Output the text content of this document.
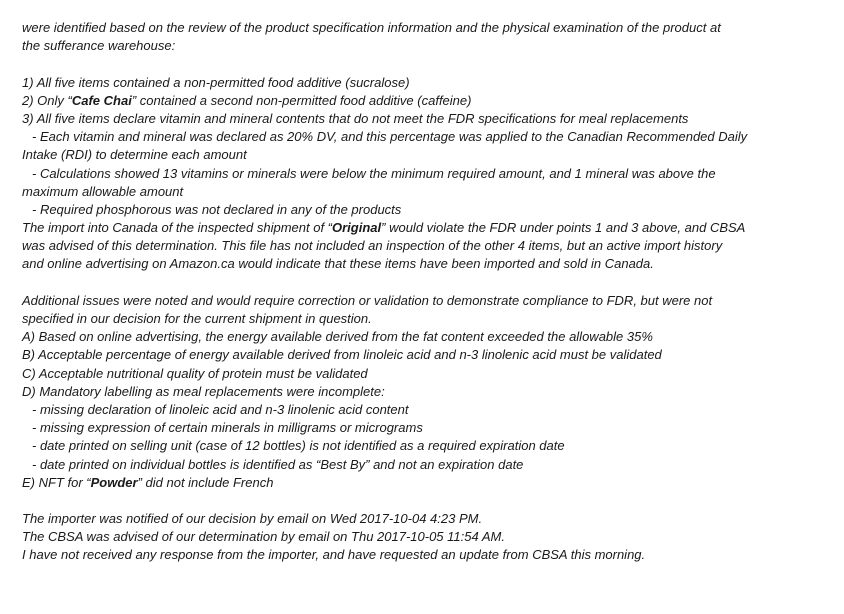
were identified based on the review of the product specification information and the physical examination of the product at
the sufferance warehouse:
1) All five items contained a non-permitted food additive (sucralose)
2) Only “Cafe Chai” contained a second non-permitted food additive (caffeine)
3) All five items declare vitamin and mineral contents that do not meet the FDR specifications for meal replacements
- Each vitamin and mineral was declared as 20% DV, and this percentage was applied to the Canadian Recommended Daily
Intake (RDI) to determine each amount
- Calculations showed 13 vitamins or minerals were below the minimum required amount, and 1 mineral was above the
maximum allowable amount
- Required phosphorous was not declared in any of the products
The import into Canada of the inspected shipment of “Original” would violate the FDR under points 1 and 3 above, and CBSA
was advised of this determination. This file has not included an inspection of the other 4 items, but an active import history
and online advertising on Amazon.ca would indicate that these items have been imported and sold in Canada.
Additional issues were noted and would require correction or validation to demonstrate compliance to FDR, but were not
specified in our decision for the current shipment in question.
A) Based on online advertising, the energy available derived from the fat content exceeded the allowable 35%
B) Acceptable percentage of energy available derived from linoleic acid and n-3 linolenic acid must be validated
C) Acceptable nutritional quality of protein must be validated
D) Mandatory labelling as meal replacements were incomplete:
- missing declaration of linoleic acid and n-3 linolenic acid content
- missing expression of certain minerals in milligrams or micrograms
- date printed on selling unit (case of 12 bottles) is not identified as a required expiration date
- date printed on individual bottles is identified as “Best By” and not an expiration date
E) NFT for “Powder” did not include French
The importer was notified of our decision by email on Wed 2017-10-04 4:23 PM.
The CBSA was advised of our determination by email on Thu 2017-10-05 11:54 AM.
I have not received any response from the importer, and have requested an update from CBSA this morning.
